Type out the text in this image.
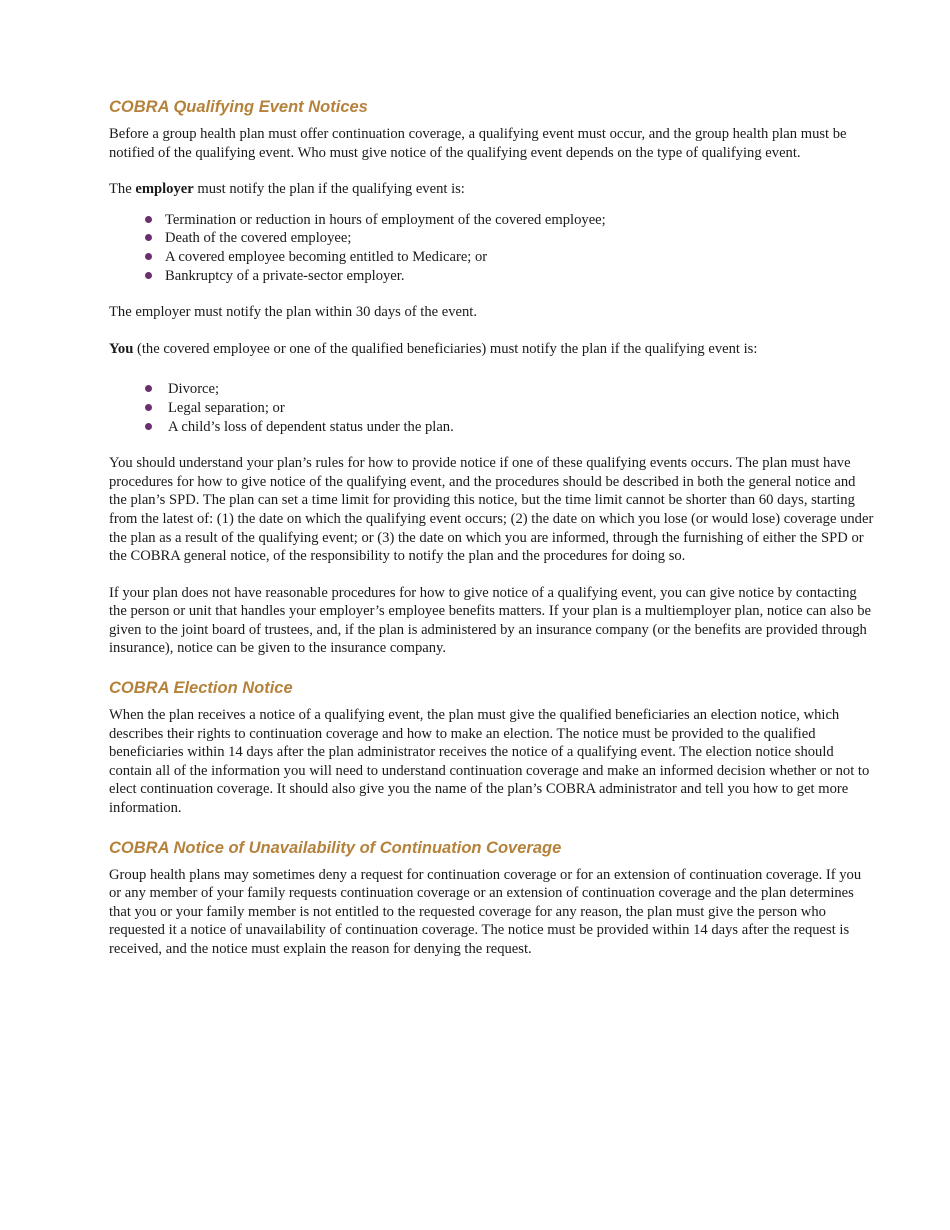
COBRA Qualifying Event Notices

Before a group health plan must offer continuation coverage, a qualifying event must occur, and the group health plan must be notified of the qualifying event. Who must give notice of the qualifying event depends on the type of qualifying event.

The employer must notify the plan if the qualifying event is:

Termination or reduction in hours of employment of the covered employee;
Death of the covered employee;
A covered employee becoming entitled to Medicare; or
Bankruptcy of a private-sector employer.

The employer must notify the plan within 30 days of the event.

You (the covered employee or one of the qualified beneficiaries) must notify the plan if the qualifying event is:

Divorce;
Legal separation; or
A child’s loss of dependent status under the plan.

You should understand your plan’s rules for how to provide notice if one of these qualifying events occurs. The plan must have procedures for how to give notice of the qualifying event, and the procedures should be described in both the general notice and the plan’s SPD. The plan can set a time limit for providing this notice, but the time limit cannot be shorter than 60 days, starting from the latest of: (1) the date on which the qualifying event occurs; (2) the date on which you lose (or would lose) coverage under the plan as a result of the qualifying event; or (3) the date on which you are informed, through the furnishing of either the SPD or the COBRA general notice, of the responsibility to notify the plan and the procedures for doing so.

If your plan does not have reasonable procedures for how to give notice of a qualifying event, you can give notice by contacting the person or unit that handles your employer’s employee benefits matters. If your plan is a multiemployer plan, notice can also be given to the joint board of trustees, and, if the plan is administered by an insurance company (or the benefits are provided through insurance), notice can be given to the insurance company.

COBRA Election Notice

When the plan receives a notice of a qualifying event, the plan must give the qualified beneficiaries an election notice, which describes their rights to continuation coverage and how to make an election. The notice must be provided to the qualified beneficiaries within 14 days after the plan administrator receives the notice of a qualifying event. The election notice should contain all of the information you will need to understand continuation coverage and make an informed decision whether or not to elect continuation coverage. It should also give you the name of the plan’s COBRA administrator and tell you how to get more information.

COBRA Notice of Unavailability of Continuation Coverage

Group health plans may sometimes deny a request for continuation coverage or for an extension of continuation coverage. If you or any member of your family requests continuation coverage or an extension of continuation coverage and the plan determines that you or your family member is not entitled to the requested coverage for any reason, the plan must give the person who requested it a notice of unavailability of continuation coverage. The notice must be provided within 14 days after the request is received, and the notice must explain the reason for denying the request.
